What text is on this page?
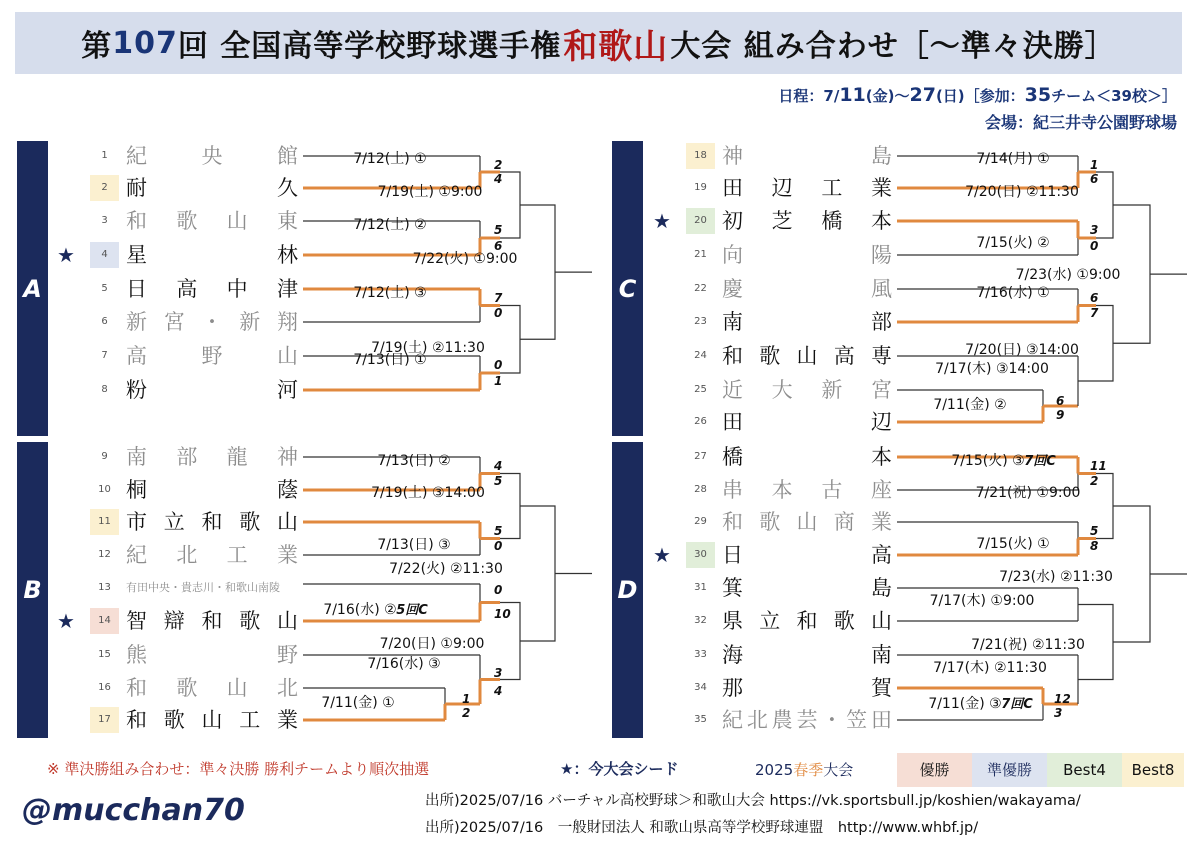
第 107 回 全国高等学校野球選手権 和歌山 大会 組み合わせ［～準々決勝］
日程：7/11(金)～27(日)［参加：35チーム＜39校＞］
会場：紀三井寺公園野球場
A
B
C
D
1 紀	央	館
2 耐	久
3 和 歌 山 東
★	4 星	林
5 日 高 中 津
6 新 宮 ・ 新 翔
7 高	野	山
8 粉	河
9 南 部 龍 神
10 桐	蔭
11 市 立 和 歌 山
12 紀 北 工 業
13	有田中央・貴志川・和歌山南陵
★	14 智 辯 和 歌 山
15 熊	野
16 和 歌 山 北
17 和 歌 山 工 業
18 神	島
19 田 辺 工 業
★	20 初 芝 橋 本
21 向	陽
22 慶	風
23 南	部
24 和 歌 山 高 専
25 近 大 新 宮
26 田	辺
27 橋	本
28 串 本 古 座
29 和 歌 山 商 業
★	30 日	高
31 箕	島
32 県 立 和 歌 山
33 海	南
34 那	賀
35 紀 北 農 芸 ・ 笠 田
7/12(土) ①	2
4
7/12(土) ②	5
6
7/12(土) ③	7
0
7/13(日) ①	0
1
7/19(土) ①9:00
7/19(土) ②11:30
7/22(火) ①9:00
7/13(日) ②	4
5
7/13(日) ③
5
0
7/16(水) ② 5回C
0
10
7/11(金) ①	1
2
7/16(水) ③
3
4
7/19(土) ③14:00
7/20(日) ①9:00
7/22(火) ②11:30
7/14(月) ①	1
6
7/15(火) ②
3
0
7/16(水) ①	6
7
7/11(金) ②	6
9
7/17(木) ③14:00
7/20(日) ②11:30
7/20(日) ③14:00
7/23(水) ①9:00
7/15(火) ③ 7回C	11
2
7/15(火) ①
5
8
7/17(木) ①9:00
7/11(金) ③ 7回C 12
3
7/17(木) ②11:30
7/21(祝) ①9:00
7/21(祝) ②11:30
7/23(水) ②11:30
※ 準決勝組み合わせ：準々決勝 勝利チームより順次抽選	★：今大会シード	2025春季大会	優勝	準優勝	Best4	Best8
@mucchan70	出所)2025/07/16 バーチャル高校野球＞和歌山大会 https://vk.sportsbull.jp/koshien/wakayama/
出所)2025/07/16　一般財団法人 和歌山県高等学校野球連盟　http://www.whbf.jp/
